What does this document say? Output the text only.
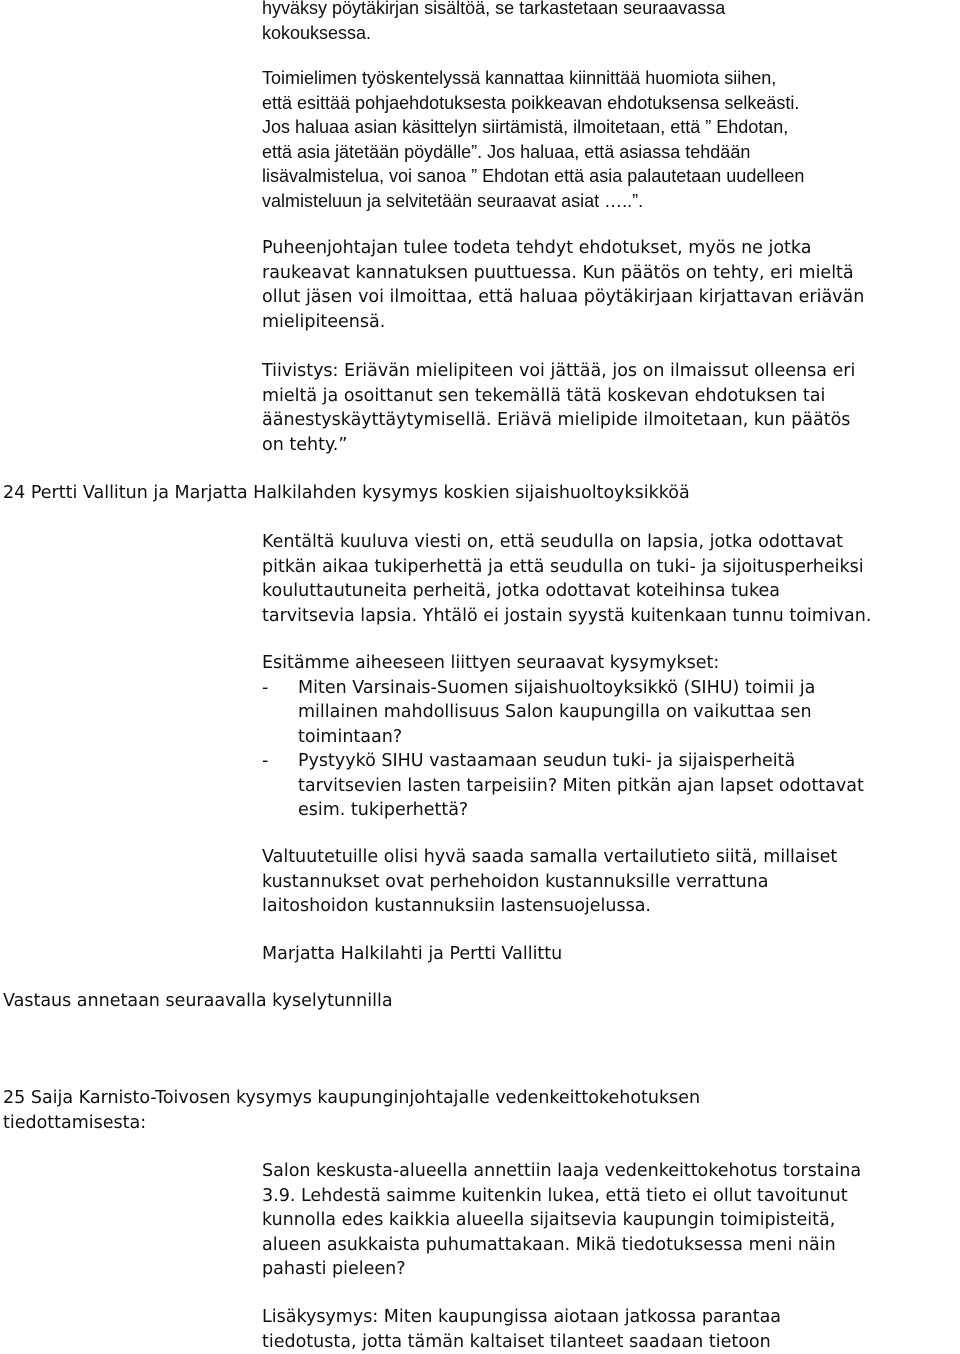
hyväksy pöytäkirjan sisältöä, se tarkastetaan seuraavassa
kokouksessa.
Toimielimen työskentelyssä kannattaa kiinnittää huomiota siihen,
että esittää pohjaehdotuksesta poikkeavan ehdotuksensa selkeästi.
Jos haluaa asian käsittelyn siirtämistä, ilmoitetaan, että ” Ehdotan,
että asia jätetään pöydälle”. Jos haluaa, että asiassa tehdään
lisävalmistelua, voi sanoa ” Ehdotan että asia palautetaan uudelleen
valmisteluun ja selvitetään seuraavat asiat …..”.
Puheenjohtajan tulee todeta tehdyt ehdotukset, myös ne jotka
raukeavat kannatuksen puuttuessa. Kun päätös on tehty, eri mieltä
ollut jäsen voi ilmoittaa, että haluaa pöytäkirjaan kirjattavan eriävän
mielipiteensä.
Tiivistys: Eriävän mielipiteen voi jättää, jos on ilmaissut olleensa eri
mieltä ja osoittanut sen tekemällä tätä koskevan ehdotuksen tai
äänestyskäyttäytymisellä. Eriävä mielipide ilmoitetaan, kun päätös
on tehty.”
24 Pertti Vallitun ja Marjatta Halkilahden kysymys koskien sijaishuoltoyksikköä
Kentältä kuuluva viesti on, että seudulla on lapsia, jotka odottavat
pitkän aikaa tukiperhettä ja että seudulla on tuki- ja sijoitusperheiksi
kouluttautuneita perheitä, jotka odottavat koteihinsa tukea
tarvitsevia lapsia. Yhtälö ei jostain syystä kuitenkaan tunnu toimivan.
Esitämme aiheeseen liittyen seuraavat kysymykset:
-	Miten Varsinais-Suomen sijaishuoltoyksikkö (SIHU) toimii ja
millainen mahdollisuus Salon kaupungilla on vaikuttaa sen
toimintaan?
-	Pystyykö SIHU vastaamaan seudun tuki- ja sijaisperheitä
tarvitsevien lasten tarpeisiin? Miten pitkän ajan lapset odottavat
esim. tukiperhettä?
Valtuutetuille olisi hyvä saada samalla vertailutieto siitä, millaiset
kustannukset ovat perhehoidon kustannuksille verrattuna
laitoshoidon kustannuksiin lastensuojelussa.
Marjatta Halkilahti ja Pertti Vallittu
Vastaus annetaan seuraavalla kyselytunnilla
25 Saija Karnisto-Toivosen kysymys kaupunginjohtajalle vedenkeittokehotuksen
tiedottamisesta:
Salon keskusta-alueella annettiin laaja vedenkeittokehotus torstaina
3.9. Lehdestä saimme kuitenkin lukea, että tieto ei ollut tavoitunut
kunnolla edes kaikkia alueella sijaitsevia kaupungin toimipisteitä,
alueen asukkaista puhumattakaan. Mikä tiedotuksessa meni näin
pahasti pieleen?
Lisäkysymys: Miten kaupungissa aiotaan jatkossa parantaa
tiedotusta, jotta tämän kaltaiset tilanteet saadaan tietoon
